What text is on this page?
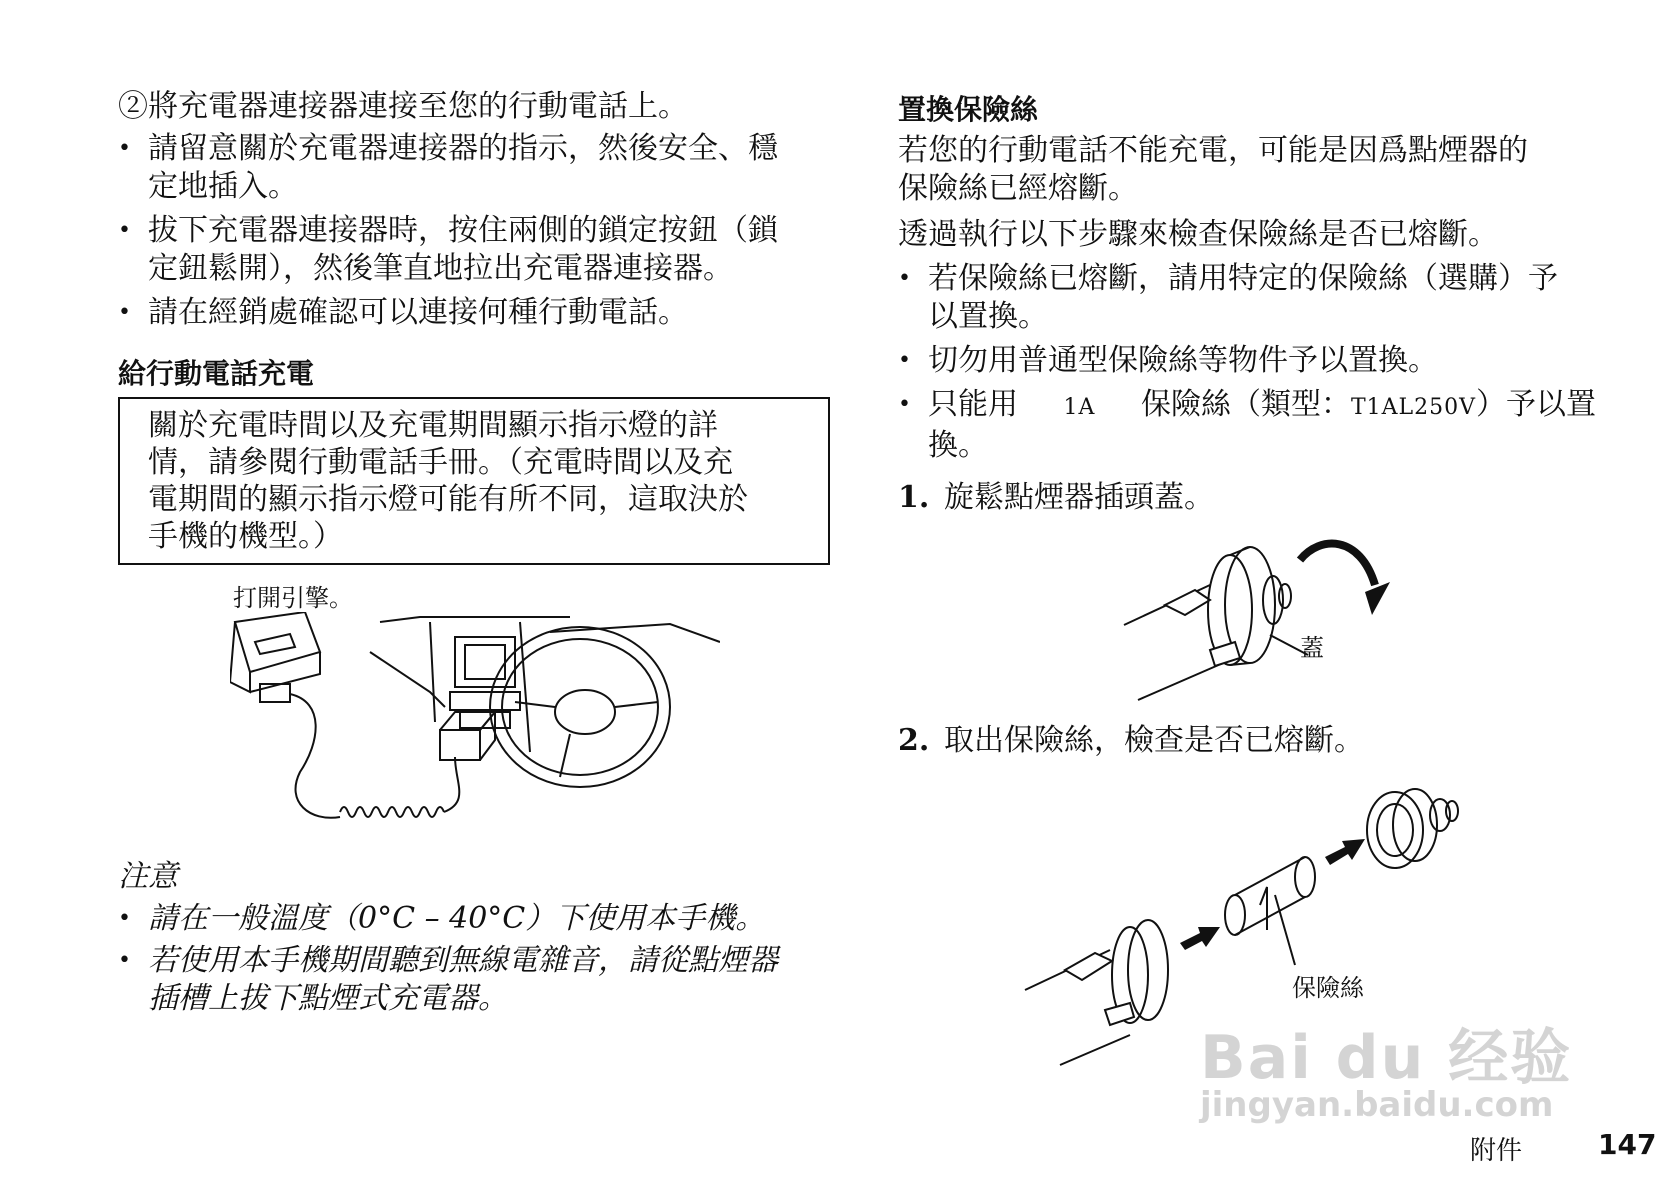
②將充電器連接器連接至您的行動電話上。
• 請留意關於充電器連接器的指示，然後安全、穩
定地插入。
• 拔下充電器連接器時，按住兩側的鎖定按鈕（鎖
定鈕鬆開），然後筆直地拉出充電器連接器。
• 請在經銷處確認可以連接何種行動電話。
給行動電話充電
關於充電時間以及充電期間顯示指示燈的詳
情，請參閱行動電話手冊。（充電時間以及充
電期間的顯示指示燈可能有所不同，這取決於
手機的機型。）
打開引擎。
注意
• 請在一般溫度（0°C – 40°C）下使用本手機。
• 若使用本手機期間聽到無線電雜音，請從點煙器
插槽上拔下點煙式充電器。
置換保險絲
若您的行動電話不能充電，可能是因爲點煙器的
保險絲已經熔斷。
透過執行以下步驟來檢查保險絲是否已熔斷。
• 若保險絲已熔斷，請用特定的保險絲（選購）予
以置換。
• 切勿用普通型保險絲等物件予以置換。
• 只能用 1A 保險絲（類型：T1AL250V）予以置
換。
1. 旋鬆點煙器插頭蓋。
蓋
2. 取出保險絲，檢查是否已熔斷。
保險絲
Bai du 经验
jingyan.baidu.com
附件	147
